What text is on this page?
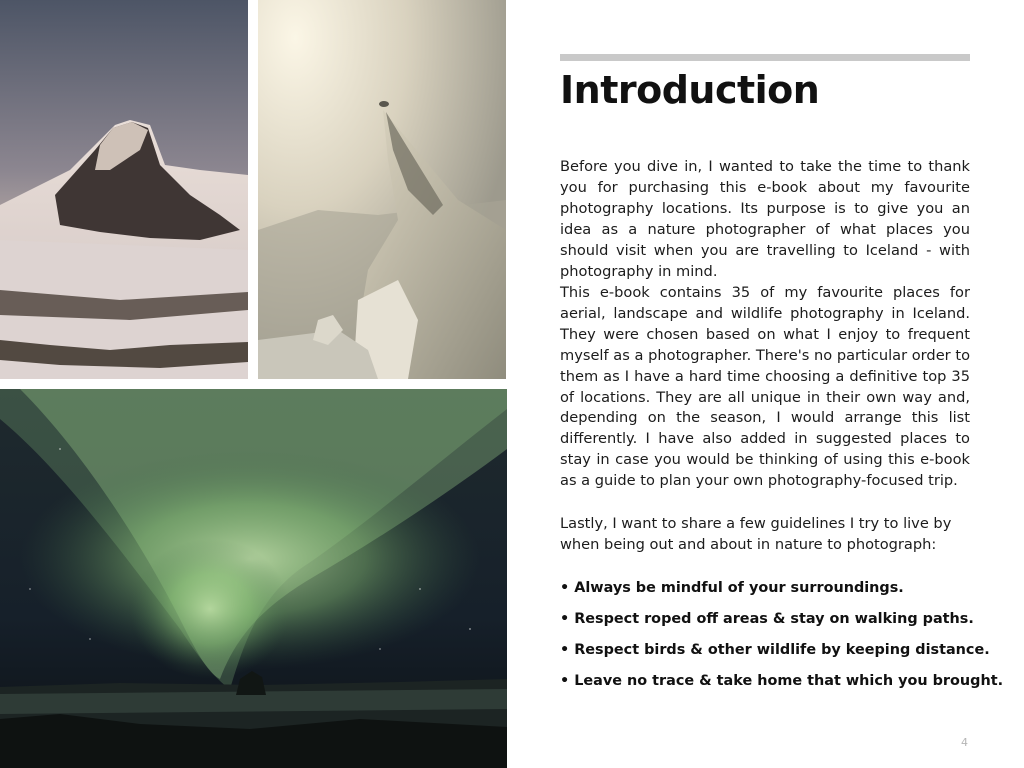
Introduction

Before you dive in, I wanted to take the time to thank you for purchasing this e-book about my favourite photography locations. Its purpose is to give you an idea as a nature photographer of what places you should visit when you are travelling to Iceland - with photography in mind.

This e-book contains 35 of my favourite places for aerial, landscape and wildlife photography in Iceland. They were chosen based on what I enjoy to frequent myself as a photographer. There's no particular order to them as I have a hard time choosing a definitive top 35 of locations. They are all unique in their own way and, depending on the season, I would arrange this list differently. I have also added in suggested places to stay in case you would be thinking of using this e-book as a guide to plan your own photography-focused trip.

Lastly, I want to share a few guidelines I try to live by when being out and about in nature to photograph:

• Always be mindful of your surroundings.
• Respect roped off areas & stay on walking paths.
• Respect birds & other wildlife by keeping distance.
• Leave no trace & take home that which you brought.
4
